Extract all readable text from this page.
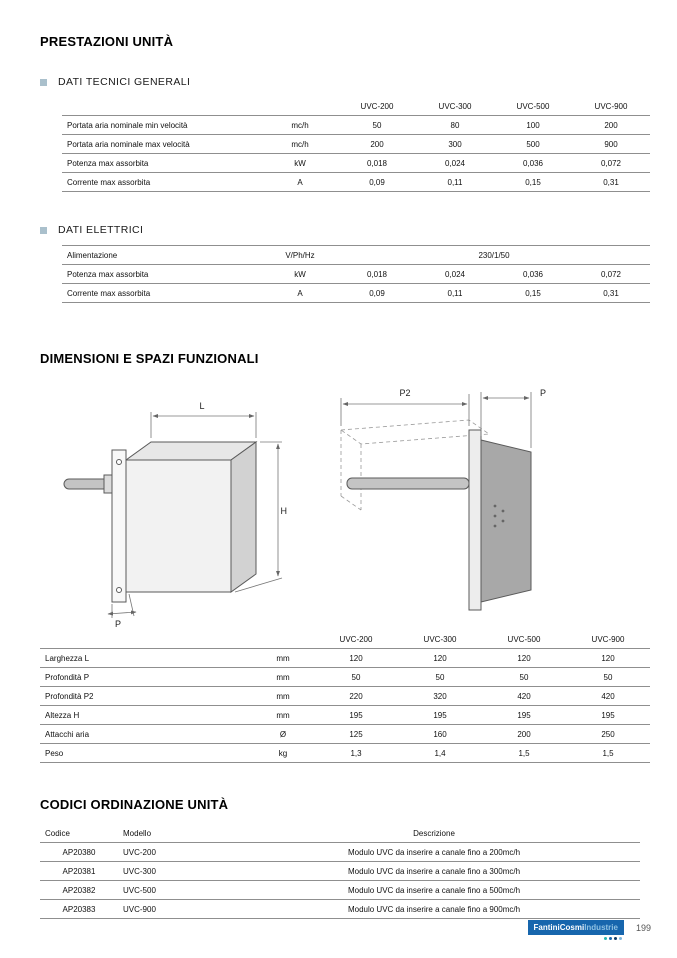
PRESTAZIONI UNITÀ
DATI TECNICI GENERALI
		UVC-200	UVC-300	UVC-500	UVC-900
Portata aria nominale min velocità	mc/h	50	80	100	200
Portata aria nominale max velocità	mc/h	200	300	500	900
Potenza max assorbita	kW	0,018	0,024	0,036	0,072
Corrente max assorbita	A	0,09	0,11	0,15	0,31
DATI ELETTRICI
Alimentazione	V/Ph/Hz	230/1/50			
Potenza max assorbita	kW	0,018	0,024	0,036	0,072
Corrente max assorbita	A	0,09	0,11	0,15	0,31
DIMENSIONI E SPAZI FUNZIONALI
L
H
P
P2	P
		UVC-200	UVC-300	UVC-500	UVC-900
Larghezza L	mm	120	120	120	120
Profondità P	mm	50	50	50	50
Profondità P2	mm	220	320	420	420
Altezza H	mm	195	195	195	195
Attacchi aria	Ø	125	160	200	250
Peso	kg	1,3	1,4	1,5	1,5
CODICI ORDINAZIONE UNITÀ
Codice	Modello	Descrizione
AP20380	UVC-200	Modulo UVC da inserire a canale fino a 200mc/h
AP20381	UVC-300	Modulo UVC da inserire a canale fino a 300mc/h
AP20382	UVC-500	Modulo UVC da inserire a canale fino a 500mc/h
AP20383	UVC-900	Modulo UVC da inserire a canale fino a 900mc/h
FantiniCosmiIndustrie	199
